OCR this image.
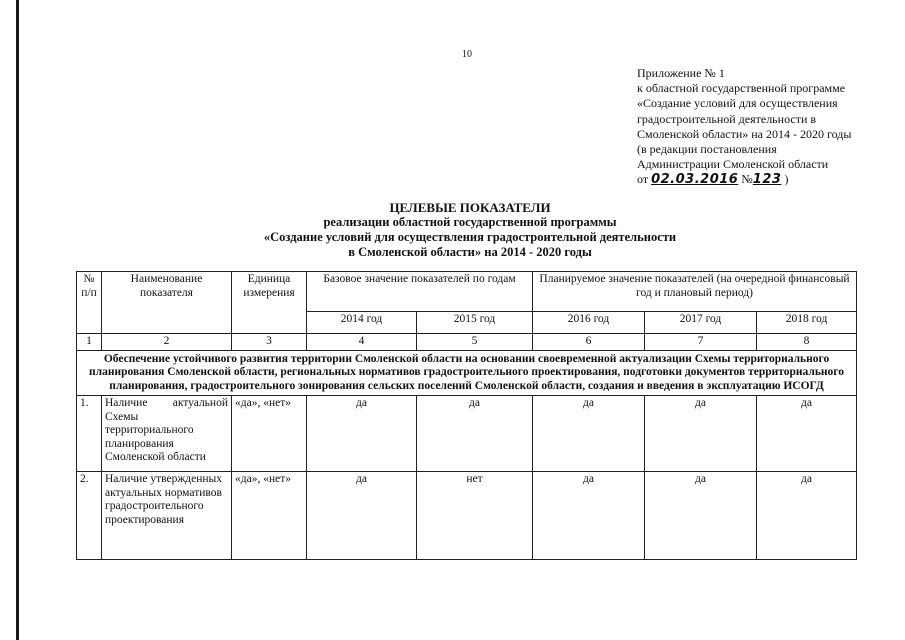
10
Приложение № 1
к областной государственной программе
«Создание условий для осуществления
градостроительной деятельности в
Смоленской области» на 2014 - 2020 годы
(в редакции постановления
Администрации Смоленской области
от 02.03.2016 №123 )
ЦЕЛЕВЫЕ ПОКАЗАТЕЛИ
реализации областной государственной программы
«Создание условий для осуществления градостроительной деятельности
в Смоленской области» на 2014 - 2020 годы
№ п/п	Наименование показателя	Единица измерения	Базовое значение показателей по годам		Планируемое значение показателей (на очередной финансовый год и плановый период)		
			2014 год	2015 год	2016 год	2017 год	2018 год
1	2	3	4	5	6	7	8
Обеспечение устойчивого развития территории Смоленской области на основании своевременной актуализации Схемы территориального планирования Смоленской области, региональных нормативов градостроительного проектирования, подготовки документов территориального планирования, градостроительного зонирования сельских поселений Смоленской области, создания и введения в эксплуатацию ИСОГД							
1.	Наличие актуальной Схемы территориального планирования Смоленской области	«да», «нет»	да	да	да	да	да
2.	Наличие утвержденных актуальных нормативов градостроительного проектирования	«да», «нет»	да	нет	да	да	да
